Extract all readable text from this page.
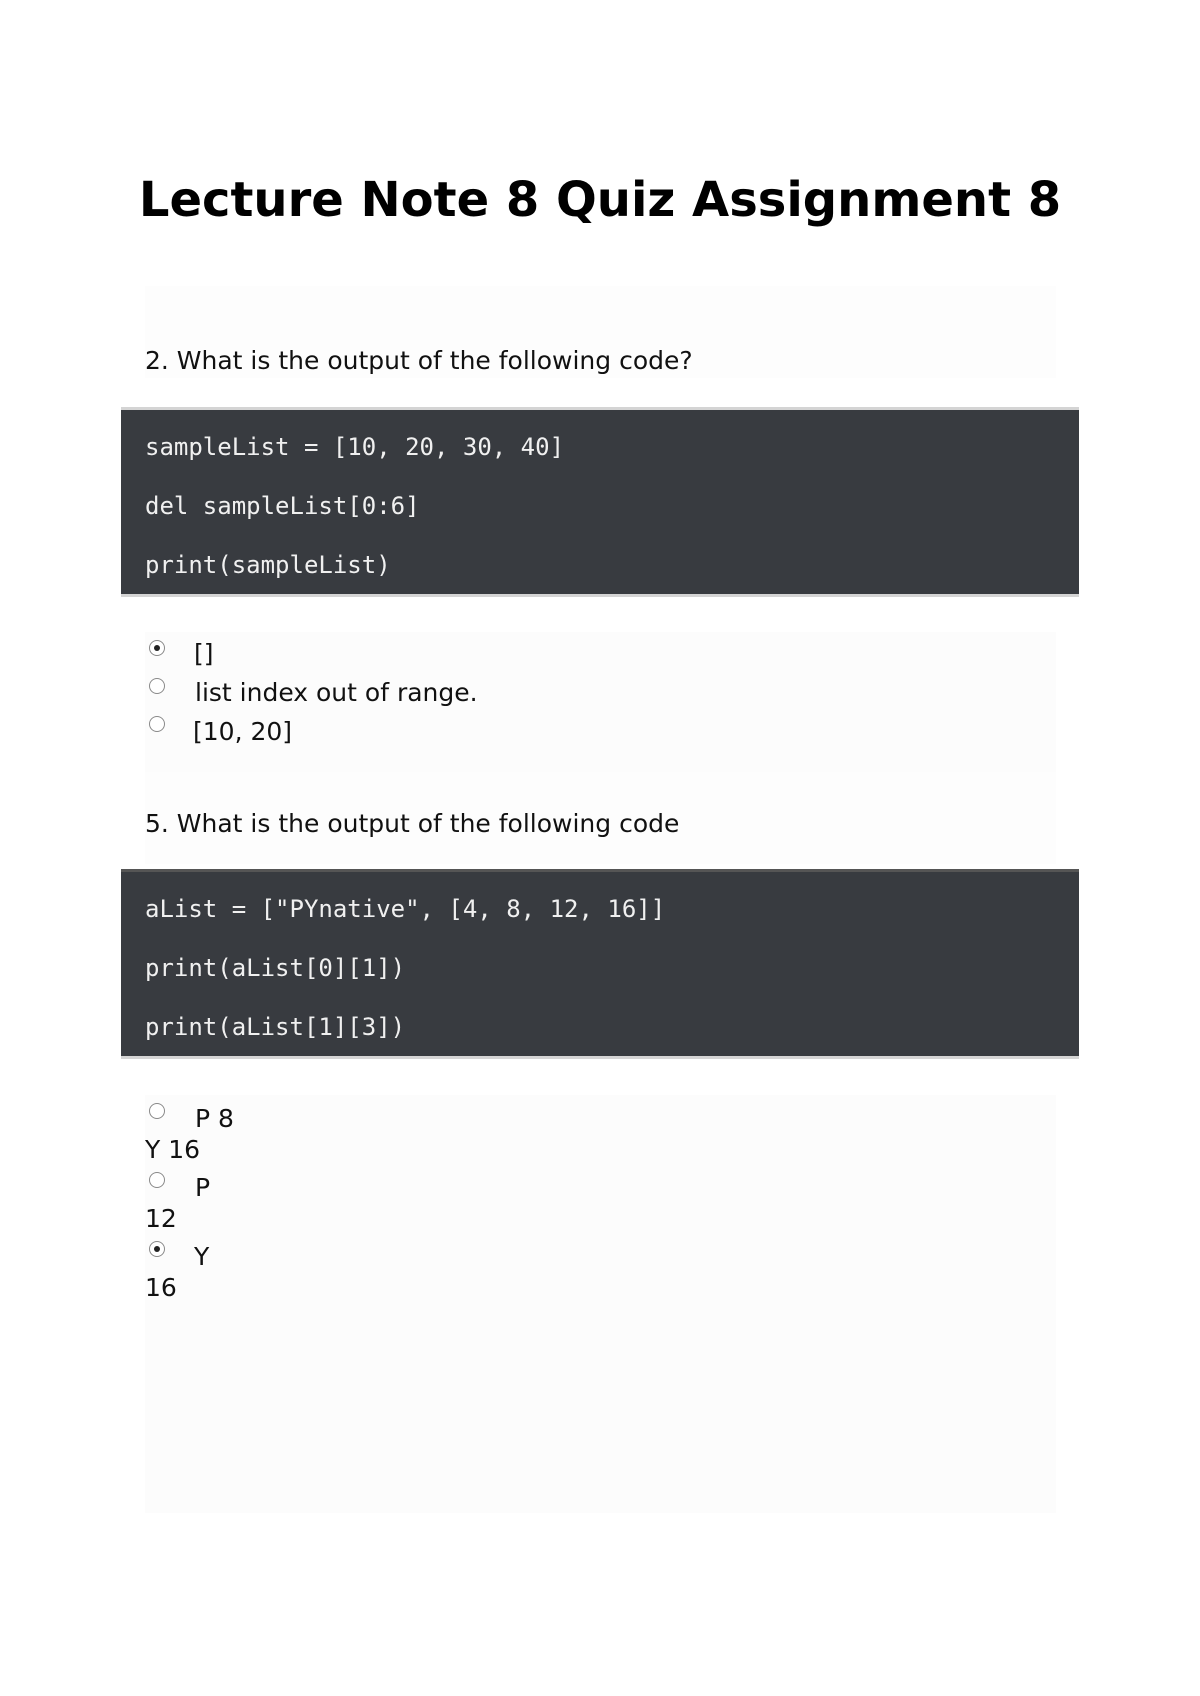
Lecture Note 8 Quiz Assignment 8
2. What is the output of the following code?
sampleList = [10, 20, 30, 40]
del sampleList[0:6]
print(sampleList)
[]
list index out of range.
[10, 20]
5. What is the output of the following code
aList = ["PYnative", [4, 8, 12, 16]]
print(aList[0][1])
print(aList[1][3])
P 8
Y 16
P
12
Y
16
